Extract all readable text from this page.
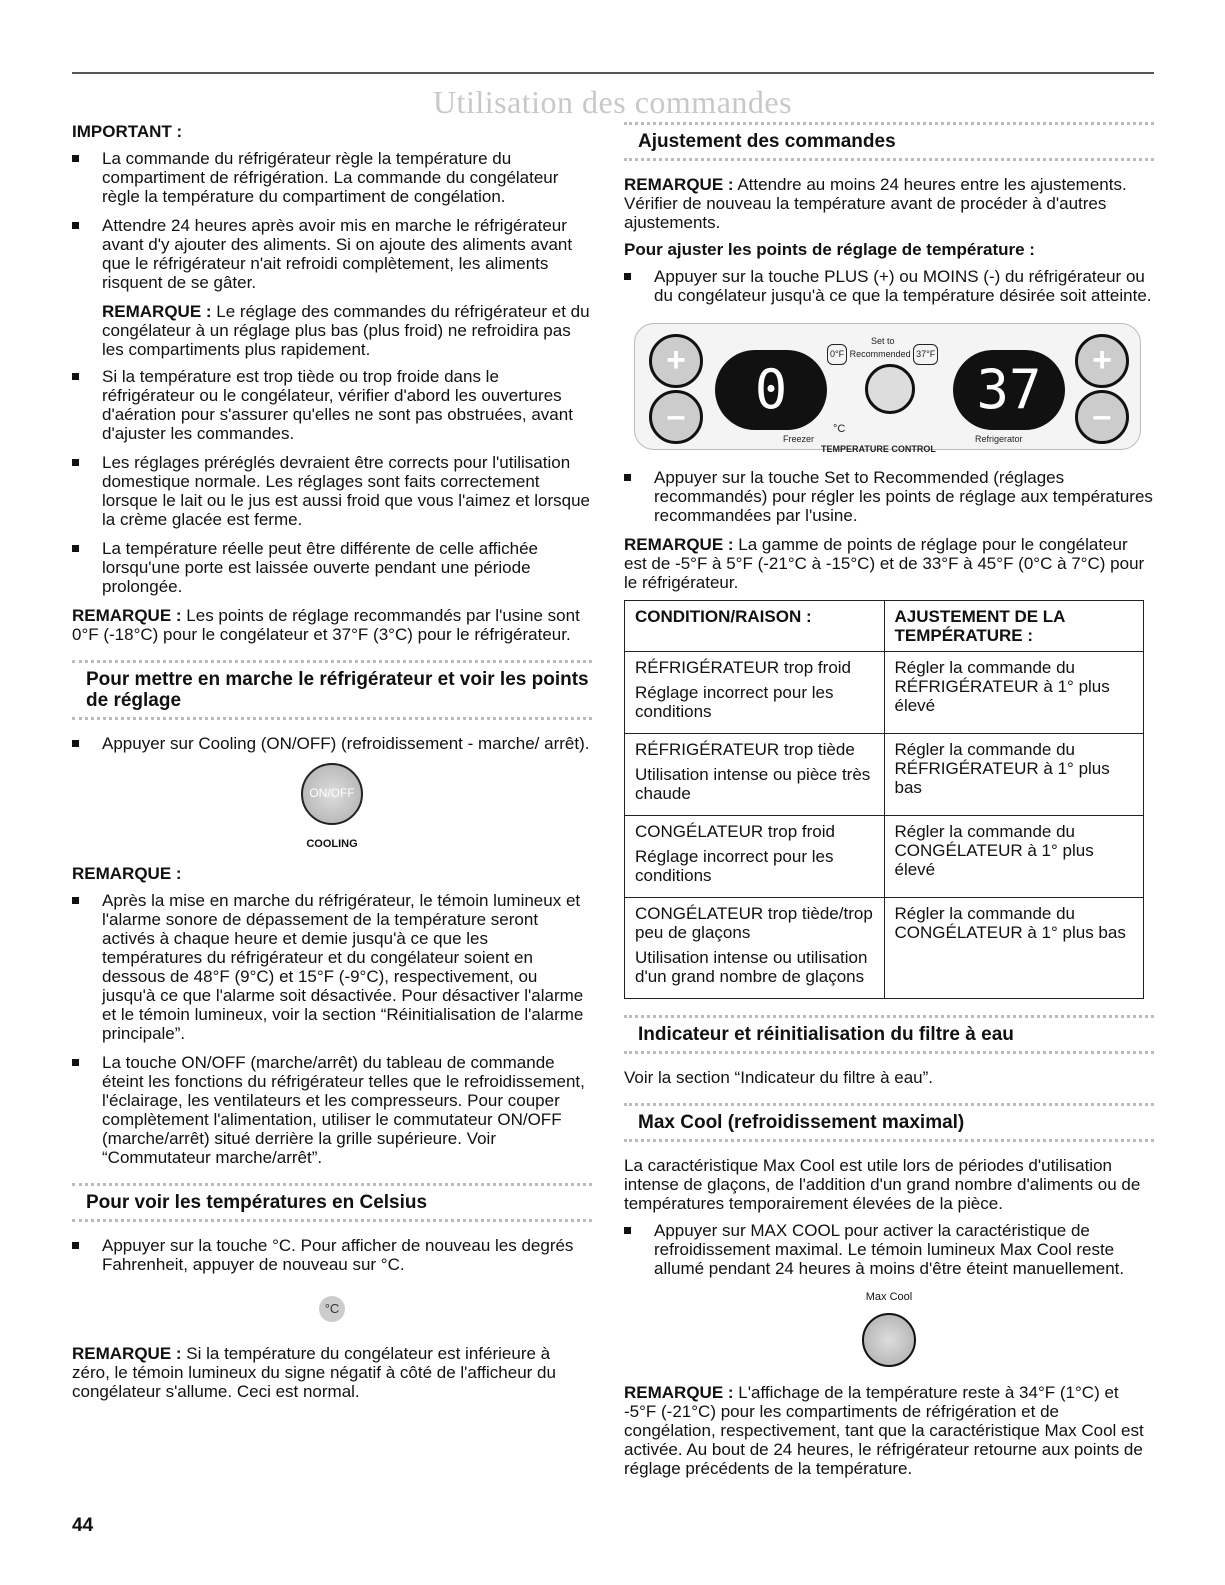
Utilisation des commandes
IMPORTANT :
La commande du réfrigérateur règle la température du compartiment de réfrigération. La commande du congélateur règle la température du compartiment de congélation.
Attendre 24 heures après avoir mis en marche le réfrigérateur avant d'y ajouter des aliments. Si on ajoute des aliments avant que le réfrigérateur n'ait refroidi complètement, les aliments risquent de se gâter.

REMARQUE : Le réglage des commandes du réfrigérateur et du congélateur à un réglage plus bas (plus froid) ne refroidira pas les compartiments plus rapidement.

Si la température est trop tiède ou trop froide dans le réfrigérateur ou le congélateur, vérifier d'abord les ouvertures d'aération pour s'assurer qu'elles ne sont pas obstruées, avant d'ajuster les commandes.
Les réglages préréglés devraient être corrects pour l'utilisation domestique normale. Les réglages sont faits correctement lorsque le lait ou le jus est aussi froid que vous l'aimez et lorsque la crème glacée est ferme.
La température réelle peut être différente de celle affichée lorsqu'une porte est laissée ouverte pendant une période prolongée.

REMARQUE : Les points de réglage recommandés par l'usine sont 0°F (-18°C) pour le congélateur et 37°F (3°C) pour le réfrigérateur.

Pour mettre en marche le réfrigérateur et voir les points de réglage
Appuyer sur Cooling (ON/OFF) (refroidissement - marche/ arrêt).
ON/OFF
COOLING
REMARQUE :
Après la mise en marche du réfrigérateur, le témoin lumineux et l'alarme sonore de dépassement de la température seront activés à chaque heure et demie jusqu'à ce que les températures du réfrigérateur et du congélateur soient en dessous de 48°F (9°C) et 15°F (-9°C), respectivement, ou jusqu'à ce que l'alarme soit désactivée. Pour désactiver l'alarme et le témoin lumineux, voir la section “Réinitialisation de l'alarme principale”.
La touche ON/OFF (marche/arrêt) du tableau de commande éteint les fonctions du réfrigérateur telles que le refroidissement, l'éclairage, les ventilateurs et les compresseurs. Pour couper complètement l'alimentation, utiliser le commutateur ON/OFF (marche/arrêt) situé derrière la grille supérieure. Voir “Commutateur marche/arrêt”.
Pour voir les températures en Celsius
Appuyer sur la touche °C. Pour afficher de nouveau les degrés Fahrenheit, appuyer de nouveau sur °C.
°C

REMARQUE : Si la température du congélateur est inférieure à zéro, le témoin lumineux du signe négatif à côté de l'afficheur du congélateur s'allume. Ceci est normal.

Ajustement des commandes

REMARQUE : Attendre au moins 24 heures entre les ajustements. Vérifier de nouveau la température avant de procéder à d'autres ajustements.

Pour ajuster les points de réglage de température :
Appuyer sur la touche PLUS (+) ou MOINS (-) du réfrigérateur ou du congélateur jusqu'à ce que la température désirée soit atteinte.
+
–	0	37	+
–
Set to
0°F Recommended 37°F
Freezer
°C
Refrigerator
TEMPERATURE CONTROL
Appuyer sur la touche Set to Recommended (réglages recommandés) pour régler les points de réglage aux températures recommandées par l'usine.

REMARQUE : La gamme de points de réglage pour le congélateur est de -5°F à 5°F (-21°C à -15°C) et de 33°F à 45°F (0°C à 7°C) pour le réfrigérateur.

CONDITION/RAISON :	AJUSTEMENT DE LA TEMPÉRATURE :

RÉFRIGÉRATEUR trop froid

Réglage incorrect pour les conditions	Régler la commande du RÉFRIGÉRATEUR à 1° plus élevé

RÉFRIGÉRATEUR trop tiède

Utilisation intense ou pièce très chaude	Régler la commande du RÉFRIGÉRATEUR à 1° plus bas

CONGÉLATEUR trop froid

Réglage incorrect pour les conditions	Régler la commande du CONGÉLATEUR à 1° plus élevé

CONGÉLATEUR trop tiède/trop peu de glaçons

Utilisation intense ou utilisation d'un grand nombre de glaçons	Régler la commande du CONGÉLATEUR à 1° plus bas
Indicateur et réinitialisation du filtre à eau

Voir la section “Indicateur du filtre à eau”.

Max Cool (refroidissement maximal)

La caractéristique Max Cool est utile lors de périodes d'utilisation intense de glaçons, de l'addition d'un grand nombre d'aliments ou de températures temporairement élevées de la pièce.

Appuyer sur MAX COOL pour activer la caractéristique de refroidissement maximal. Le témoin lumineux Max Cool reste allumé pendant 24 heures à moins d'être éteint manuellement.
Max Cool

REMARQUE : L'affichage de la température reste à 34°F (1°C) et -5°F (-21°C) pour les compartiments de réfrigération et de congélation, respectivement, tant que la caractéristique Max Cool est activée. Au bout de 24 heures, le réfrigérateur retourne aux points de réglage précédents de la température.

44
